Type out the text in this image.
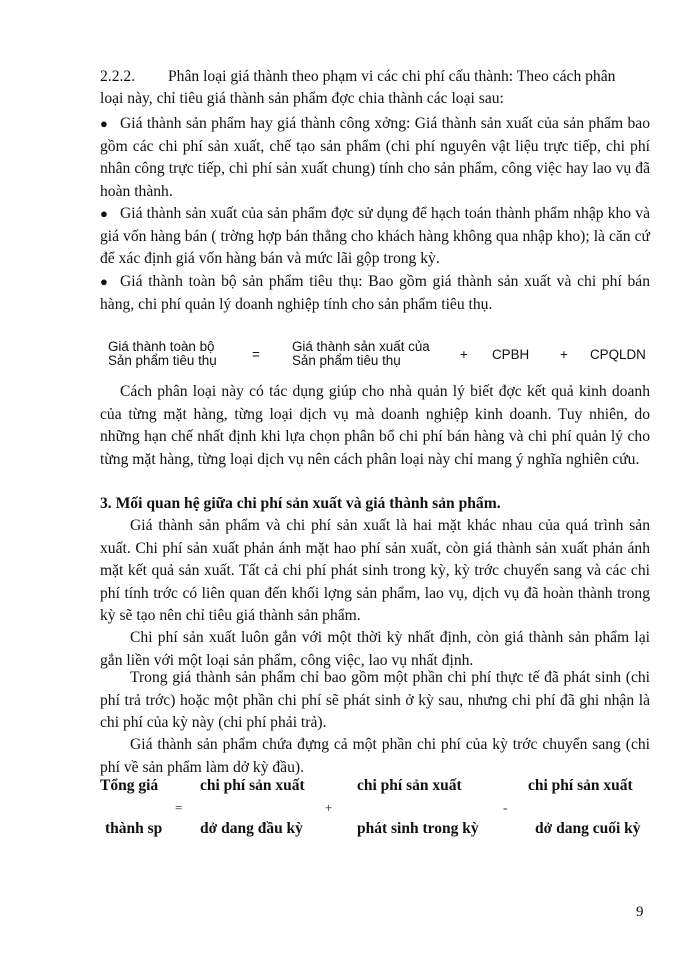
2.2.2. Phân loại giá thành theo phạm vi các chi phí cấu thành: Theo cách phân
loại này, chỉ tiêu giá thành sản phẩm đợc chia thành các loại sau:
● Giá thành sản phẩm hay giá thành công xởng: Giá thành sản xuất của sản phẩm bao gồm các chi phí sản xuất, chế tạo sản phẩm (chi phí nguyên vật liệu trực tiếp, chi phí nhân công trực tiếp, chi phí sản xuất chung) tính cho sản phẩm, công việc hay lao vụ đã hoàn thành.
● Giá thành sản xuất của sản phẩm đợc sử dụng để hạch toán thành phẩm nhập kho và giá vốn hàng bán ( trờng hợp bán thẳng cho khách hàng không qua nhập kho); là căn cứ để xác định giá vốn hàng bán và mức lãi gộp trong kỳ.
● Giá thành toàn bộ sản phẩm tiêu thụ: Bao gồm giá thành sản xuất và chi phí bán hàng, chi phí quản lý doanh nghiệp tính cho sản phẩm tiêu thụ.
Giá thành toàn bộ
Sản phẩm tiêu thụ	=
Giá thành sản xuất của
Sản phẩm tiêu thụ	+ CPBH + CPQLDN
Cách phân loại này có tác dụng giúp cho nhà quản lý biết đợc kết quả kinh doanh của từng mặt hàng, từng loại dịch vụ mà doanh nghiệp kinh doanh. Tuy nhiên, do những hạn chế nhất định khi lựa chọn phân bổ chi phí bán hàng và chi phí quản lý cho từng mặt hàng, từng loại dịch vụ nên cách phân loại này chỉ mang ý nghĩa nghiên cứu.
3. Mối quan hệ giữa chi phí sản xuất và giá thành sản phẩm.
Giá thành sản phẩm và chi phí sản xuất là hai mặt khác nhau của quá trình sản xuất. Chi phí sản xuất phản ánh mặt hao phí sản xuất, còn giá thành sản xuất phản ánh mặt kết quả sản xuất. Tất cả chi phí phát sinh trong kỳ, kỳ trớc chuyển sang và các chi phí tính trớc có liên quan đến khối lợng sản phẩm, lao vụ, dịch vụ đã hoàn thành trong kỳ sẽ tạo nên chỉ tiêu giá thành sản phẩm.
Chi phí sản xuất luôn gắn với một thời kỳ nhất định, còn giá thành sản phẩm lại gắn liền với một loại sản phẩm, công việc, lao vụ nhất định.
Trong giá thành sản phẩm chỉ bao gồm một phần chi phí thực tế đã phát sinh (chi phí trả trớc) hoặc một phần chi phí sẽ phát sinh ở kỳ sau, nhưng chi phí đã ghi nhận là chi phí của kỳ này (chi phí phải trả).
Giá thành sản phẩm chứa đựng cả một phần chi phí của kỳ trớc chuyển sang (chi phí về sản phẩm làm dở kỳ đầu).
Tổng giá
thành sp
=
chi phí sản xuất
dở dang đầu kỳ
+
chi phí sản xuất
phát sinh trong kỳ
-
chi phí sản xuất
dở dang cuối kỳ
9
